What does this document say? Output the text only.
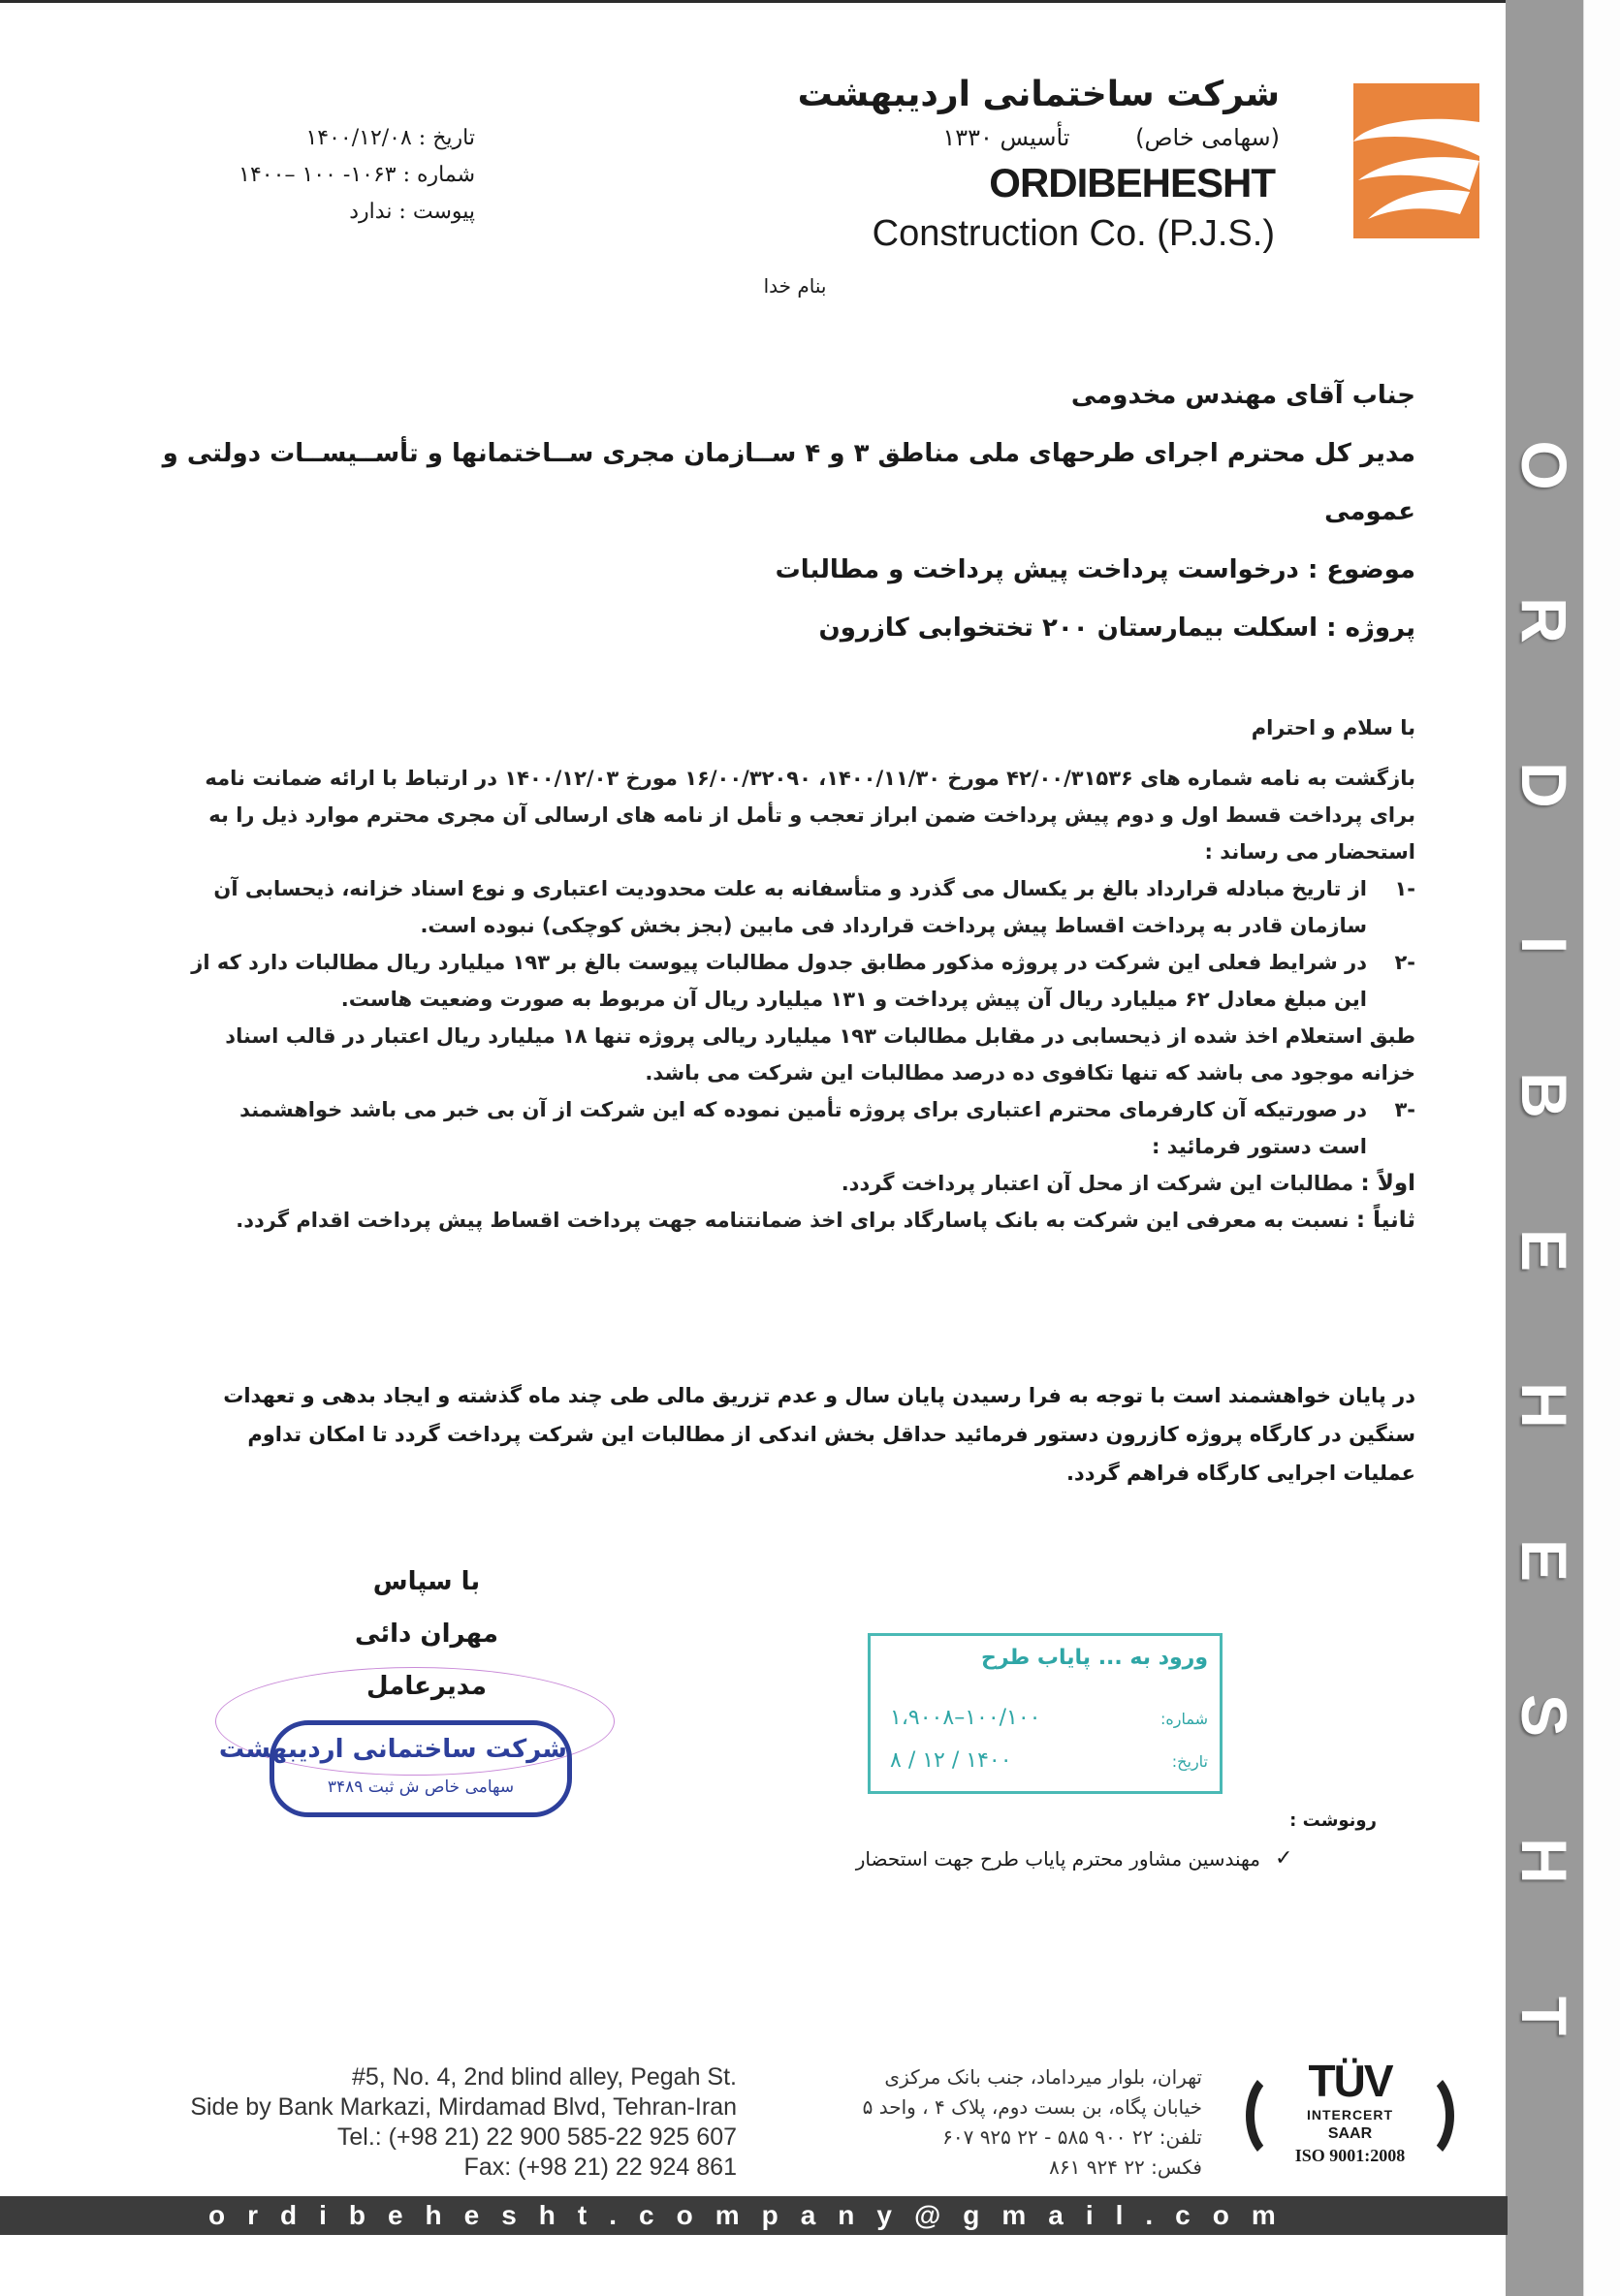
O
R
D
I
B
E
H
E
S
H
T
شرکت ساختمانی اردیبهشت
(سهامی خاص) تأسیس ۱۳۳۰
ORDIBEHESHT
Construction Co. (P.J.S.)
تاریخ : ۱۴۰۰/۱۲/۰۸
شماره : ۱۰۶۳- ۱۰۰ –۱۴۰۰
پیوست : ندارد
بنام خدا
جناب آقای مهندس مخدومی
مدیر کل محترم اجرای طرحهای ملی مناطق ۳ و ۴ ســازمان مجری ســاختمانها و تأســیســات دولتی و
عمومی
موضوع : درخواست پرداخت پیش پرداخت و مطالبات
پروژه : اسکلت بیمارستان ۲۰۰ تختخوابی کازرون

با سلام و احترام

بازگشت به نامه شماره های ۴۲/۰۰/۳۱۵۳۶ مورخ ۱۴۰۰/۱۱/۳۰، ۱۶/۰۰/۳۲۰۹۰ مورخ ۱۴۰۰/۱۲/۰۳ در ارتباط با ارائه ضمانت نامه برای پرداخت قسط اول و دوم پیش پرداخت ضمن ابراز تعجب و تأمل از نامه های ارسالی آن مجری محترم موارد ذیل را به استحضار می رساند :

-۱
از تاریخ مبادله قرارداد بالغ بر یکسال می گذرد و متأسفانه به علت محدودیت اعتباری و نوع اسناد خزانه، ذیحسابی آن سازمان قادر به پرداخت اقساط پیش پرداخت قرارداد فی مابین (بجز بخش کوچکی) نبوده است.
-۲
در شرایط فعلی این شرکت در پروژه مذکور مطابق جدول مطالبات پیوست بالغ بر ۱۹۳ میلیارد ریال مطالبات دارد که از این مبلغ معادل ۶۲ میلیارد ریال آن پیش پرداخت و ۱۳۱ میلیارد ریال آن مربوط به صورت وضعیت هاست.

طبق استعلام اخذ شده از ذیحسابی در مقابل مطالبات ۱۹۳ میلیارد ریالی پروژه تنها ۱۸ میلیارد ریال اعتبار در قالب اسناد خزانه موجود می باشد که تنها تکافوی ده درصد مطالبات این شرکت می باشد.

-۳
در صورتیکه آن کارفرمای محترم اعتباری برای پروژه تأمین نموده که این شرکت از آن بی خبر می باشد خواهشمند است دستور فرمائید :

اولاً : مطالبات این شرکت از محل آن اعتبار پرداخت گردد.

ثانیاً : نسبت به معرفی این شرکت به بانک پاسارگاد برای اخذ ضمانتنامه جهت پرداخت اقساط پیش پرداخت اقدام گردد.

در پایان خواهشمند است با توجه به فرا رسیدن پایان سال و عدم تزریق مالی طی چند ماه گذشته و ایجاد بدهی و تعهدات سنگین در کارگاه پروژه کازرون دستور فرمائید حداقل بخش اندکی از مطالبات این شرکت پرداخت گردد تا امکان تداوم عملیات اجرایی کارگاه فراهم گردد.
با سپاس
مهران دائی
مدیرعامل
شرکت ساختمانی اردیبهشت
سهامی خاص ش ثبت ۳۴۸۹
ورود به ... پایاب طرح
شماره:
۱۰۰/۱۰۰–۱،۹۰۰۸
تاریخ:
۱۴۰۰ / ۱۲ / ۸
رونوشت :
✓
مهندسین مشاور محترم پایاب طرح جهت استحضار
#5, No. 4, 2nd blind alley, Pegah St.
Side by Bank Markazi, Mirdamad Blvd, Tehran-Iran
Tel.: (+98 21) 22 900 585-22 925 607
Fax: (+98 21) 22 924 861
تهران، بلوار میرداماد، جنب بانک مرکزی
خیابان پگاه، بن بست دوم، پلاک ۴ ، واحد ۵
تلفن: ۲۲ ۹۰۰ ۵۸۵ - ۲۲ ۹۲۵ ۶۰۷
فکس: ۲۲ ۹۲۴ ۸۶۱
TÜV
INTERCERT
SAAR
ISO 9001:2008
ordibehesht.company@gmail.com
